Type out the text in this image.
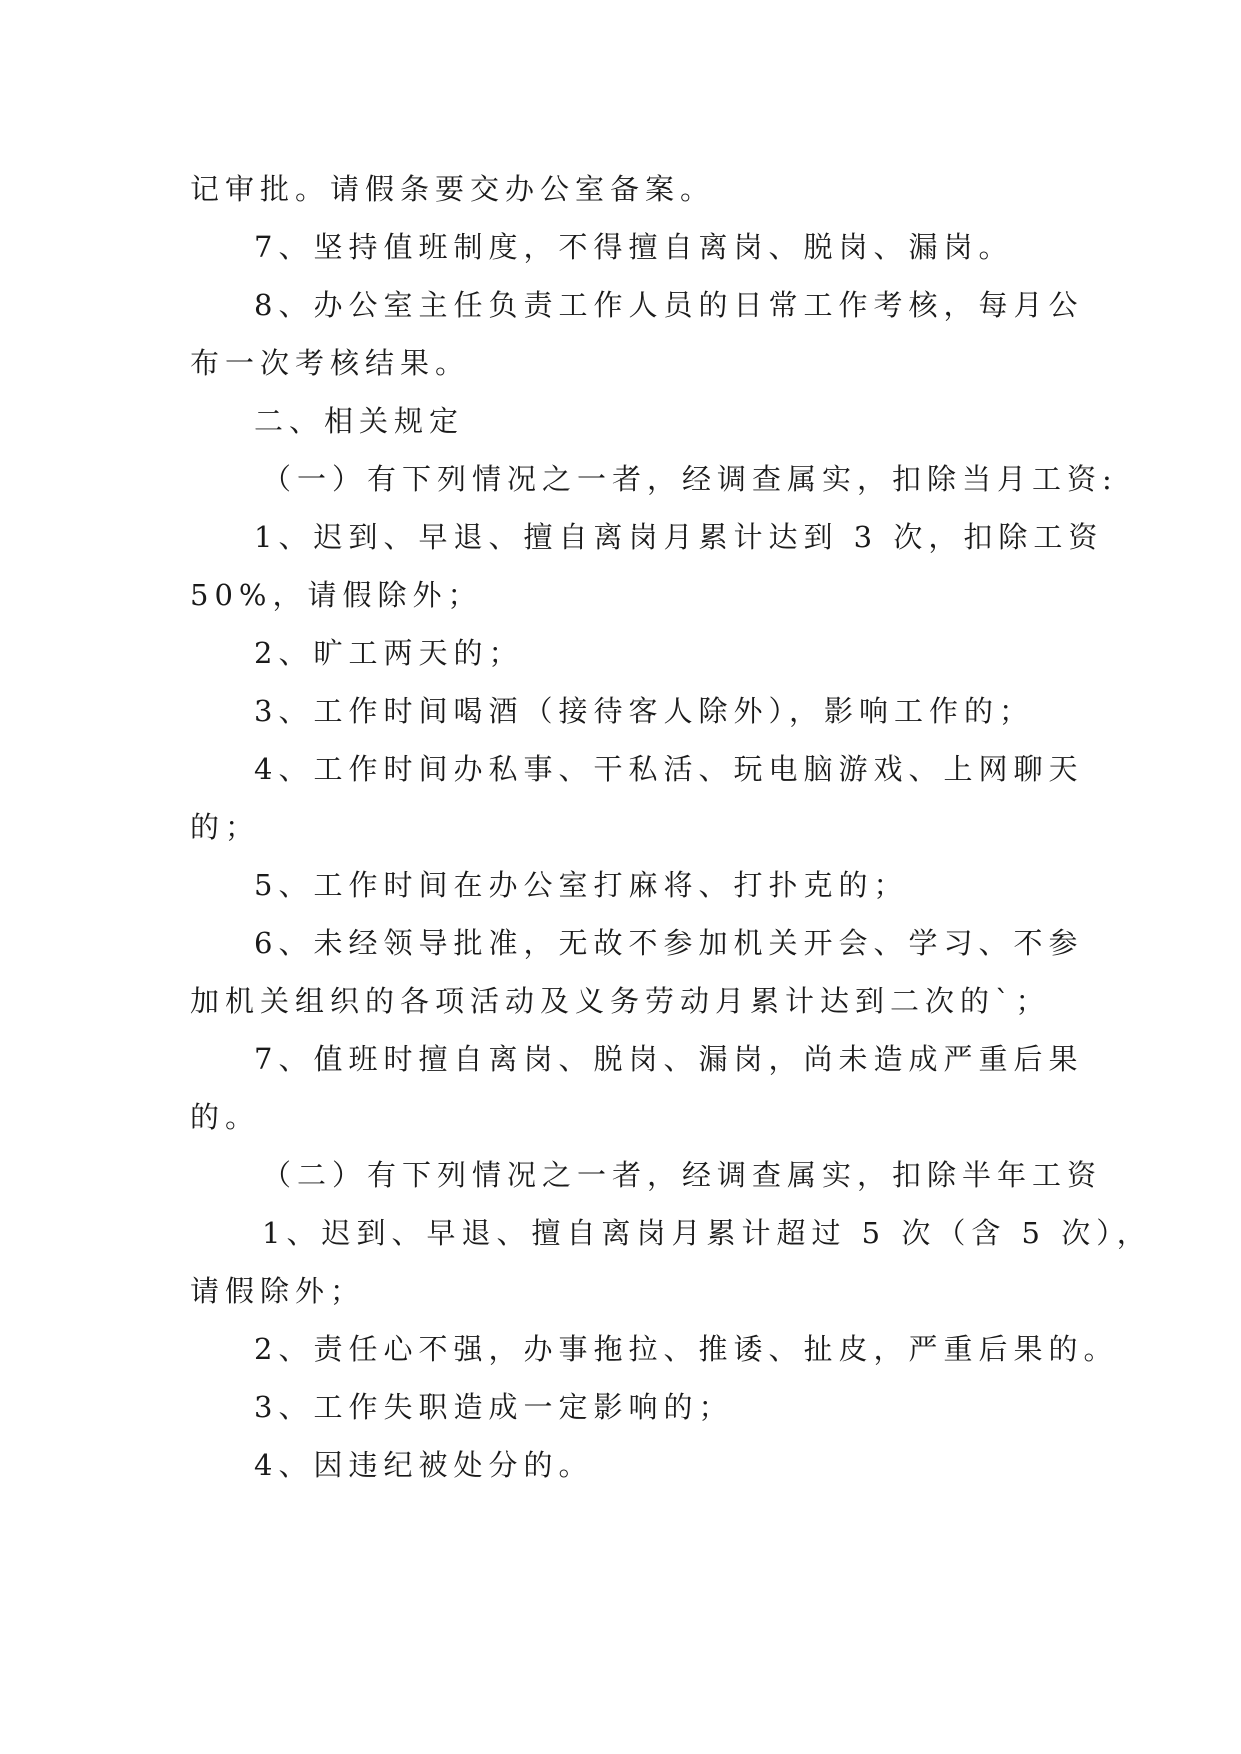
记审批。请假条要交办公室备案。

7、坚持值班制度，不得擅自离岗、脱岗、漏岗。

8、办公室主任负责工作人员的日常工作考核，每月公

布一次考核结果。

二、相关规定

（一）有下列情况之一者，经调查属实，扣除当月工资:

1、迟到、早退、擅自离岗月累计达到 3 次，扣除工资

50%，请假除外；

2、旷工两天的；

3、工作时间喝酒（接待客人除外），影响工作的；

4、工作时间办私事、干私活、玩电脑游戏、上网聊天

的；

5、工作时间在办公室打麻将、打扑克的；

6、未经领导批准，无故不参加机关开会、学习、不参

加机关组织的各项活动及义务劳动月累计达到二次的`；

7、值班时擅自离岗、脱岗、漏岗，尚未造成严重后果

的。

（二）有下列情况之一者，经调查属实，扣除半年工资

1、迟到、早退、擅自离岗月累计超过 5 次（含 5 次），

请假除外；

2、责任心不强，办事拖拉、推诿、扯皮，严重后果的。

3、工作失职造成一定影响的；

4、因违纪被处分的。
